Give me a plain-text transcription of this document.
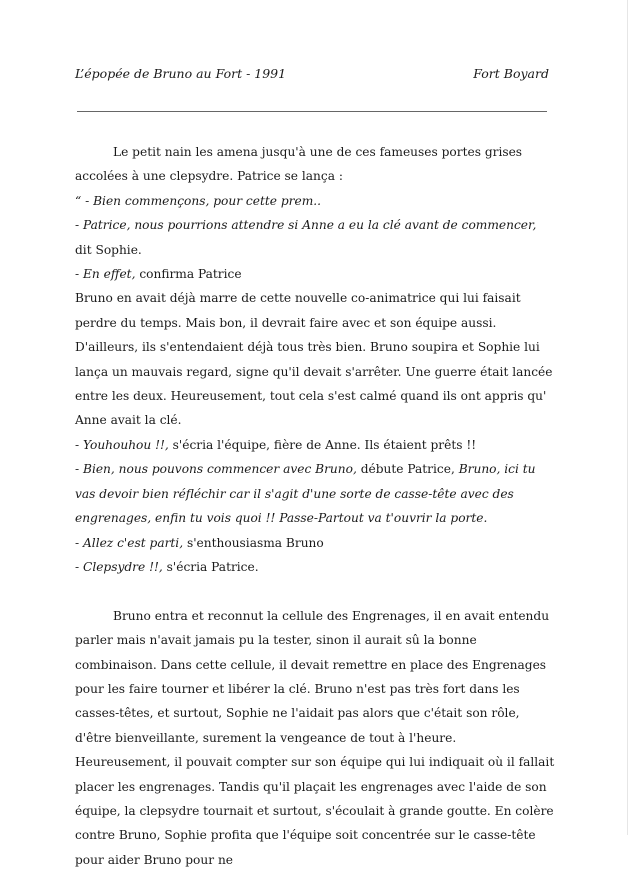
L’épopée de Bruno au Fort - 1991	Fort Boyard

Le petit nain les amena jusqu'à une de ces fameuses portes grises accolées à une clepsydre. Patrice se lança :

“ - Bien commençons, pour cette prem..

- Patrice, nous pourrions attendre si Anne a eu la clé avant de commencer, dit Sophie.

- En effet, confirma Patrice

Bruno en avait déjà marre de cette nouvelle co-animatrice qui lui faisait perdre du temps. Mais bon, il devrait faire avec et son équipe aussi. D'ailleurs, ils s'entendaient déjà tous très bien. Bruno soupira et Sophie lui lança un mauvais regard, signe qu'il devait s'arrêter. Une guerre était lancée entre les deux. Heureusement, tout cela s'est calmé quand ils ont appris qu' Anne avait la clé.

- Youhouhou !!, s'écria l'équipe, fière de Anne. Ils étaient prêts !!

- Bien, nous pouvons commencer avec Bruno, débute Patrice, Bruno, ici tu vas devoir bien réfléchir car il s'agit d'une sorte de casse-tête avec des engrenages, enfin tu vois quoi !! Passe-Partout va t'ouvrir la porte.

- Allez c'est parti, s'enthousiasma Bruno

- Clepsydre !!, s'écria Patrice.

Bruno entra et reconnut la cellule des Engrenages, il en avait entendu parler mais n'avait jamais pu la tester, sinon il aurait sû la bonne combinaison. Dans cette cellule, il devait remettre en place des Engrenages pour les faire tourner et libérer la clé. Bruno n'est pas très fort dans les casses-têtes, et surtout, Sophie ne l'aidait pas alors que c'était son rôle, d'être bienveillante, surement la vengeance de tout à l'heure. Heureusement, il pouvait compter sur son équipe qui lui indiquait où il fallait placer les engrenages. Tandis qu'il plaçait les engrenages avec l'aide de son équipe, la clepsydre tournait et surtout, s'écoulait à grande goutte. En colère contre Bruno, Sophie profita que l'équipe soit concentrée sur le casse-tête pour aider Bruno pour ne
